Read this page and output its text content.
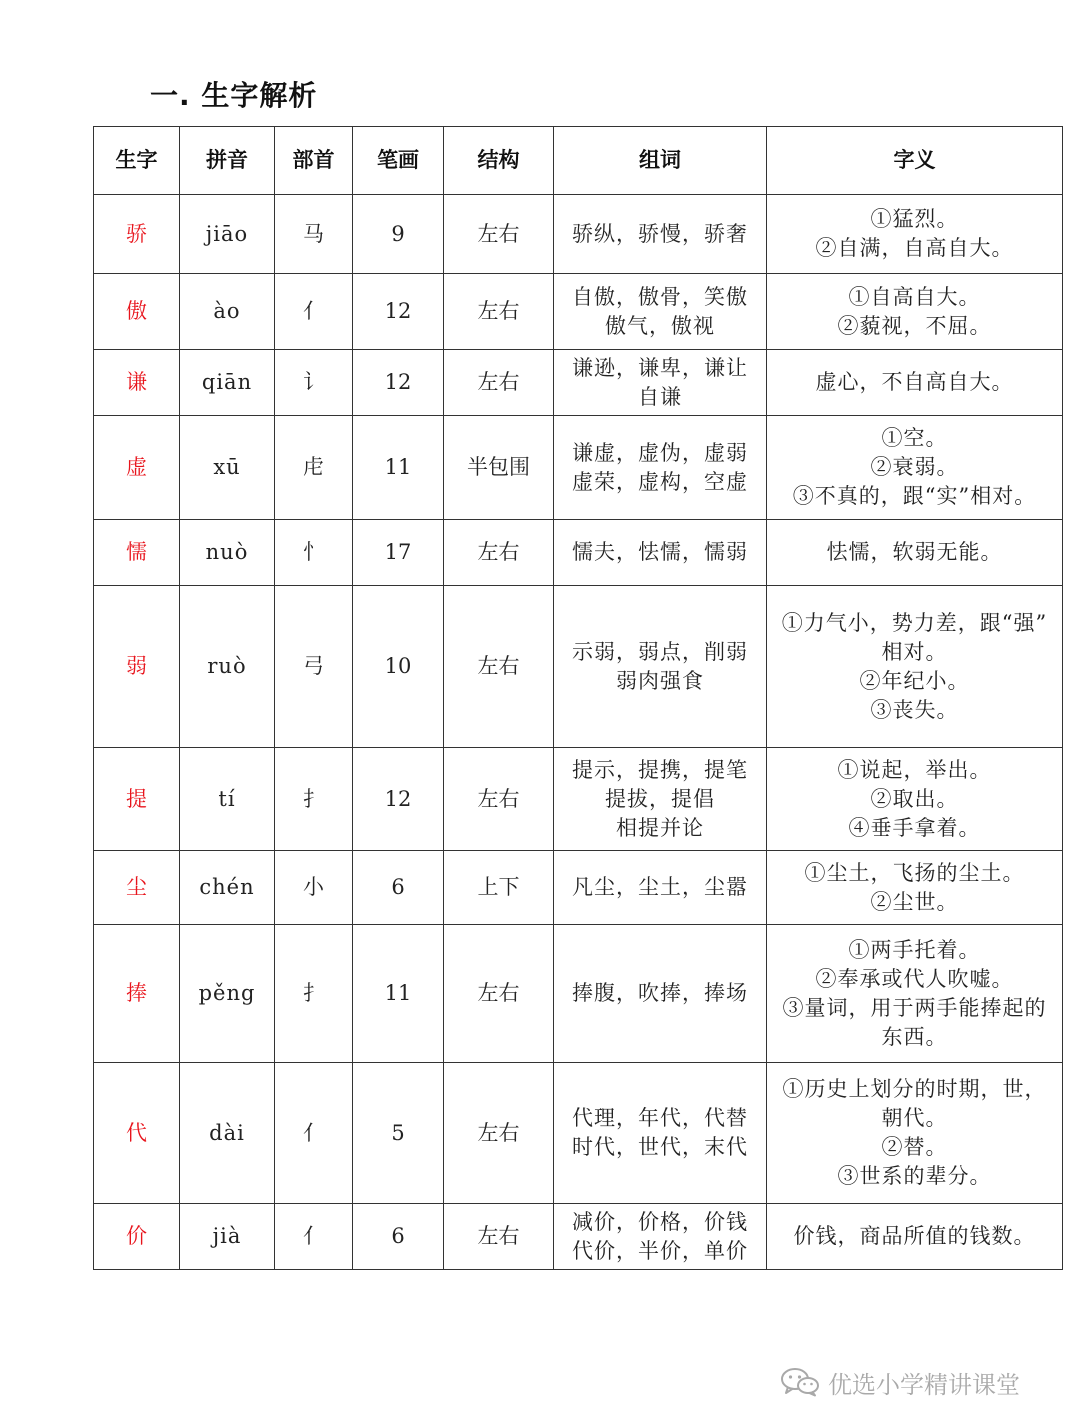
一. 生字解析
生字	拼音	部首	笔画	结构	组词	字义
骄	jiāo	马	9	左右	骄纵，骄慢，骄奢	①猛烈。
②自满，自高自大。

傲	ào	亻	12	左右	自傲，傲骨，笑傲
傲气，傲视	①自高自大。
②藐视，不屈。

谦	qiān	讠	12	左右	谦逊，谦卑，谦让
自谦	虚心，不自高自大。

虚	xū	虍	11	半包围	谦虚，虚伪，虚弱
虚荣，虚构，空虚	①空。
②衰弱。
③不真的，跟“实”相对。

懦	nuò	忄	17	左右	懦夫，怯懦，懦弱	怯懦，软弱无能。

弱	ruò	弓	10	左右	示弱，弱点，削弱
弱肉强食	①力气小，势力差，跟“强”
相对。
②年纪小。
③丧失。

提	tí	扌	12	左右	提示，提携，提笔
提拔，提倡
相提并论	①说起，举出。
②取出。
④垂手拿着。

尘	chén	小	6	上下	凡尘，尘土，尘嚣	①尘土，飞扬的尘土。
②尘世。

捧	pěng	扌	11	左右	捧腹，吹捧，捧场	①两手托着。
②奉承或代人吹嘘。
③量词，用于两手能捧起的
东西。

代	dài	亻	5	左右	代理，年代，代替
时代，世代，末代	①历史上划分的时期，世，
朝代。
②替。
③世系的辈分。

价	jià	亻	6	左右	减价，价格，价钱
代价，半价，单价	价钱，商品所值的钱数。
优选小学精讲课堂
